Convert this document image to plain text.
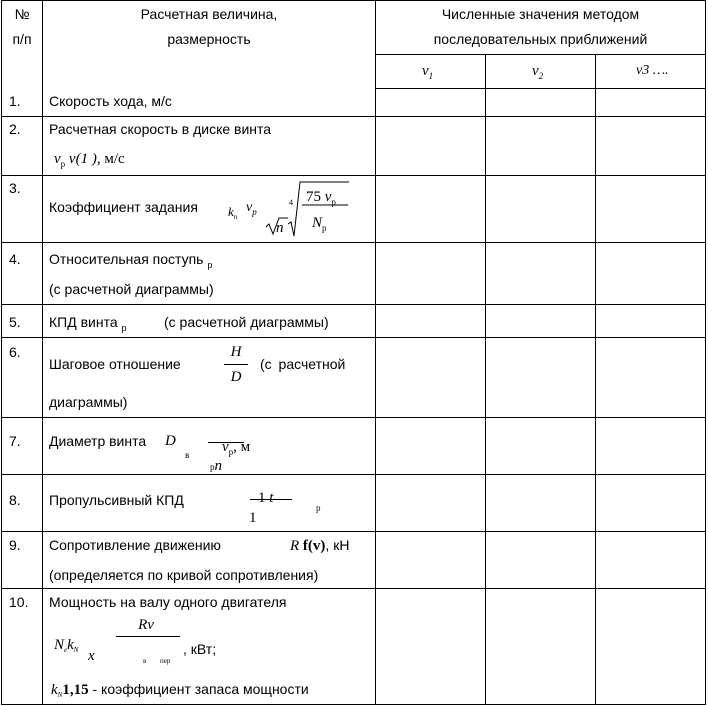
№
п/п
Расчетная величина,
размерность
Численные значения методом
последовательных приближений
$v_1$	$v_2$	v3 ….
1. Скорость хода, м/с
2. Расчетная скорость в диске винта
$v_р$ v(1 ), м/с
3.
Коэффициент задания $k_n$
$v_р$
n
4 75 $v_р$
$N_р$
4. Относительная поступь $_р$
(с расчетной диаграммы)
5. КПД винта $_р$	(с расчетной диаграммы)
6.
Шаговое отношение
H
D
(с расчетной
диаграммы)
7. Диаметр винта D
в $v_р$, м
рn
8. Пропульсивный КПД	1 t
1
р
9. Сопротивление движению	R f(v), кН
(определяется по кривой сопротивления)
10. Мощность на валу одного двигателя
Rv
$N_еk_N$ x	в пер
, кВт;
$k_N1,15$ - коэффициент запаса мощности
